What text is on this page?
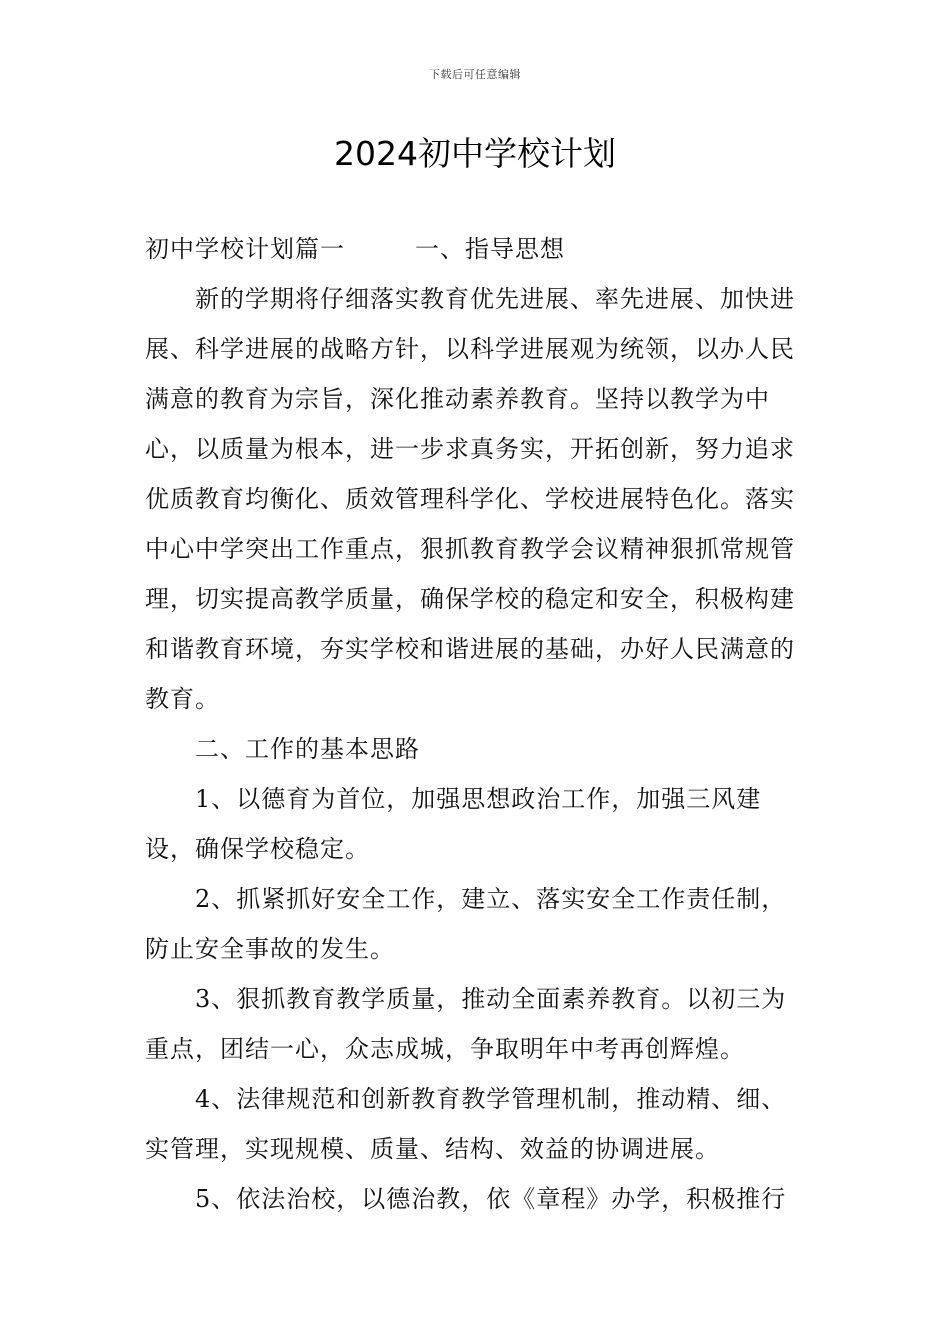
下载后可任意编辑
2024初中学校计划

初中学校计划篇一	一、指导思想

新的学期将仔细落实教育优先进展、率先进展、加快进展、科学进展的战略方针，以科学进展观为统领，以办人民满意的教育为宗旨，深化推动素养教育。坚持以教学为中心，以质量为根本，进一步求真务实，开拓创新，努力追求优质教育均衡化、质效管理科学化、学校进展特色化。落实中心中学突出工作重点，狠抓教育教学会议精神狠抓常规管理，切实提高教学质量，确保学校的稳定和安全，积极构建和谐教育环境，夯实学校和谐进展的基础，办好人民满意的教育。

二、工作的基本思路

1、以德育为首位，加强思想政治工作，加强三风建设，确保学校稳定。

2、抓紧抓好安全工作，建立、落实安全工作责任制，防止安全事故的发生。

3、狠抓教育教学质量，推动全面素养教育。以初三为重点，团结一心，众志成城，争取明年中考再创辉煌。

4、法律规范和创新教育教学管理机制，推动精、细、实管理，实现规模、质量、结构、效益的协调进展。

5、依法治校，以德治教，依《章程》办学，积极推行
